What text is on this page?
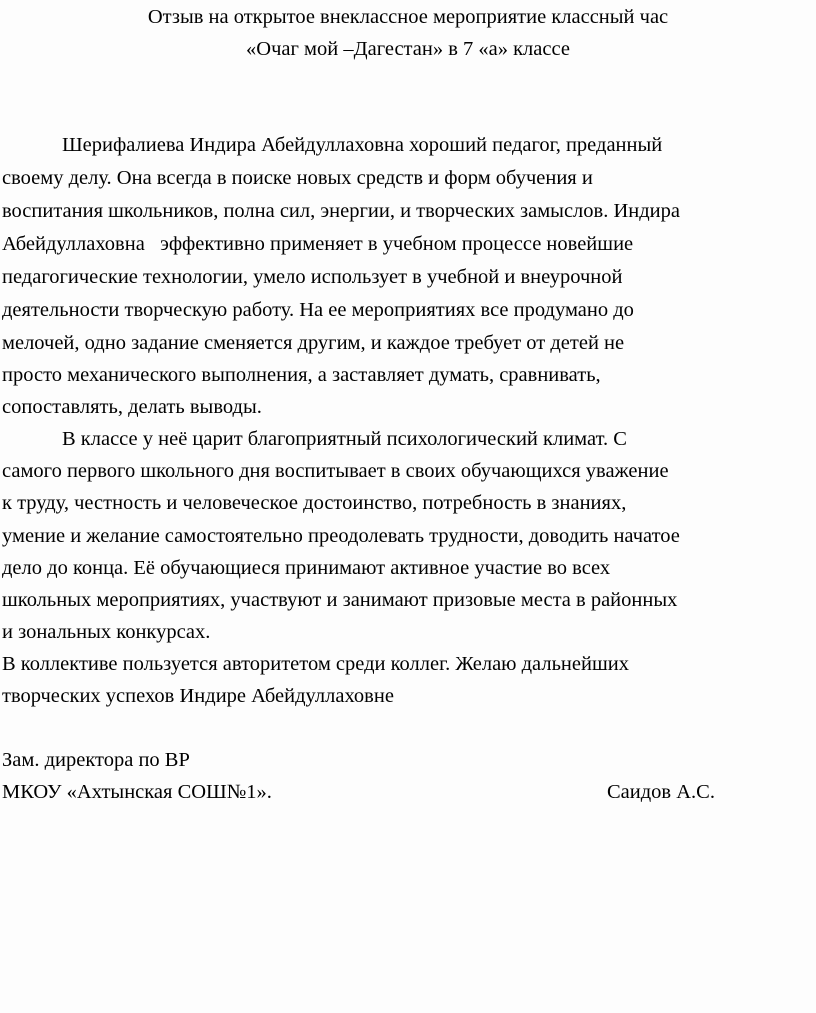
Отзыв на открытое внеклассное мероприятие классный час
«Очаг мой –Дагестан» в 7 «а» классе
Шерифалиева Индира Абейдуллаховна хороший педагог, преданный
своему делу. Она всегда в поиске новых средств и форм обучения и
воспитания школьников, полна сил, энергии, и творческих замыслов. Индира
Абейдуллаховна   эффективно применяет в учебном процессе новейшие
педагогические технологии, умело использует в учебной и внеурочной
деятельности творческую работу. На ее мероприятиях все продумано до
мелочей, одно задание сменяется другим, и каждое требует от детей не
просто механического выполнения, а заставляет думать, сравнивать,
сопоставлять, делать выводы.
В классе у неё царит благоприятный психологический климат. С
самого первого школьного дня воспитывает в своих обучающихся уважение
к труду, честность и человеческое достоинство, потребность в знаниях,
умение и желание самостоятельно преодолевать трудности, доводить начатое
дело до конца. Её обучающиеся принимают активное участие во всех
школьных мероприятиях, участвуют и занимают призовые места в районных
и зональных конкурсах.
В коллективе пользуется авторитетом среди коллег. Желаю дальнейших
творческих успехов Индире Абейдуллаховне
Зам. директора по ВР
МКОУ «Ахтынская СОШ№1».	Саидов А.С.
